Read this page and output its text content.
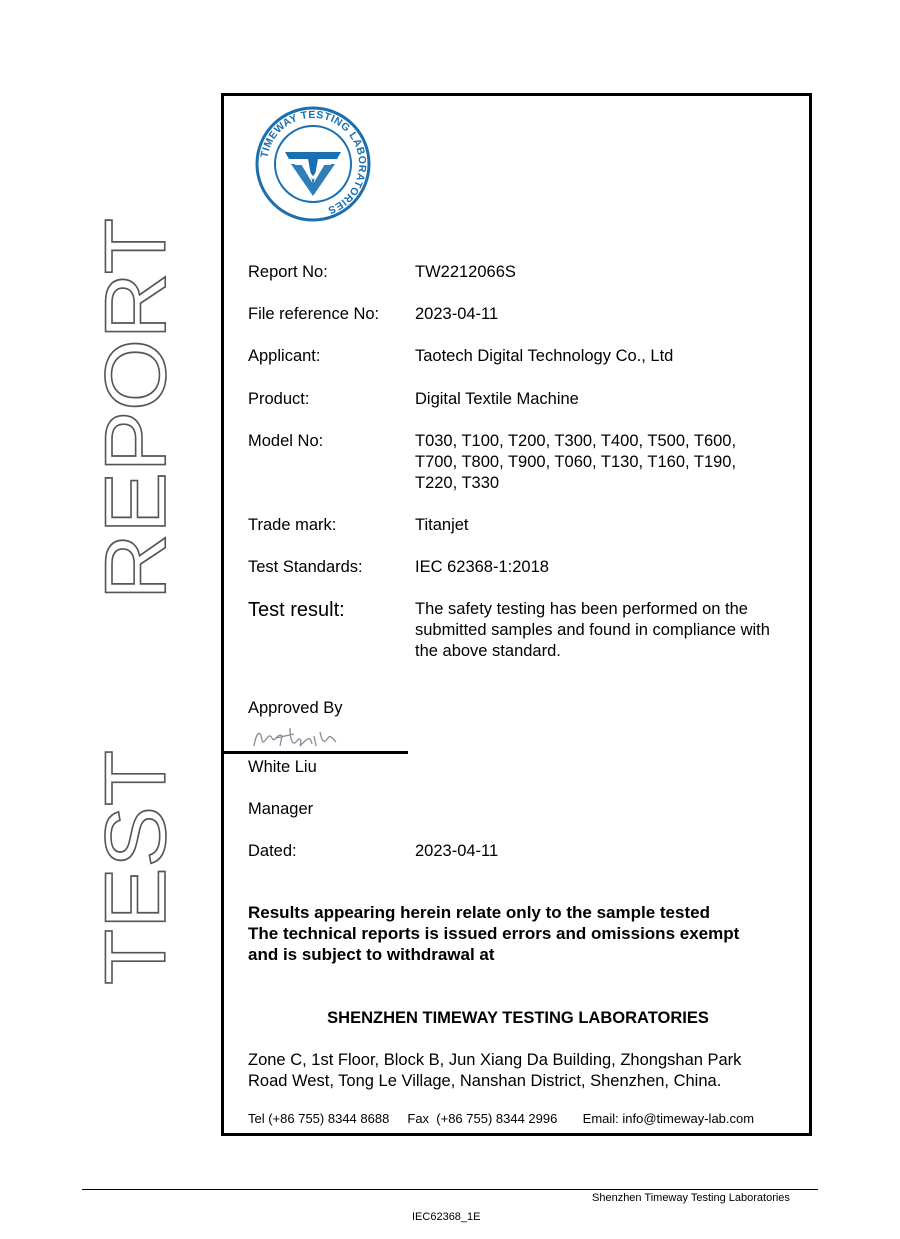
REPORT
TEST
TIMEWAY TESTING LABORATORIES
Report No:	TW2212066S
File reference No: 2023-04-11
Applicant:	Taotech Digital Technology Co., Ltd
Product:	Digital Textile Machine
Model No:	T030, T100, T200, T300, T400, T500, T600,
T700, T800, T900, T060, T130, T160, T190,
T220, T330
Trade mark:	Titanjet
Test Standards:	IEC 62368-1:2018
Test result:	The safety testing has been performed on the
submitted samples and found in compliance with
the above standard.
Approved By
White Liu
Manager
Dated:	2023-04-11
Results appearing herein relate only to the sample tested
The technical reports is issued errors and omissions exempt
and is subject to withdrawal at
SHENZHEN TIMEWAY TESTING LABORATORIES
Zone C, 1st Floor, Block B, Jun Xiang Da Building, Zhongshan Park
Road West, Tong Le Village, Nanshan District, Shenzhen, China.
Tel (+86 755) 8344 8688 Fax  (+86 755) 8344 2996 Email: info@timeway-lab.com
Shenzhen Timeway Testing Laboratories
IEC62368_1E
